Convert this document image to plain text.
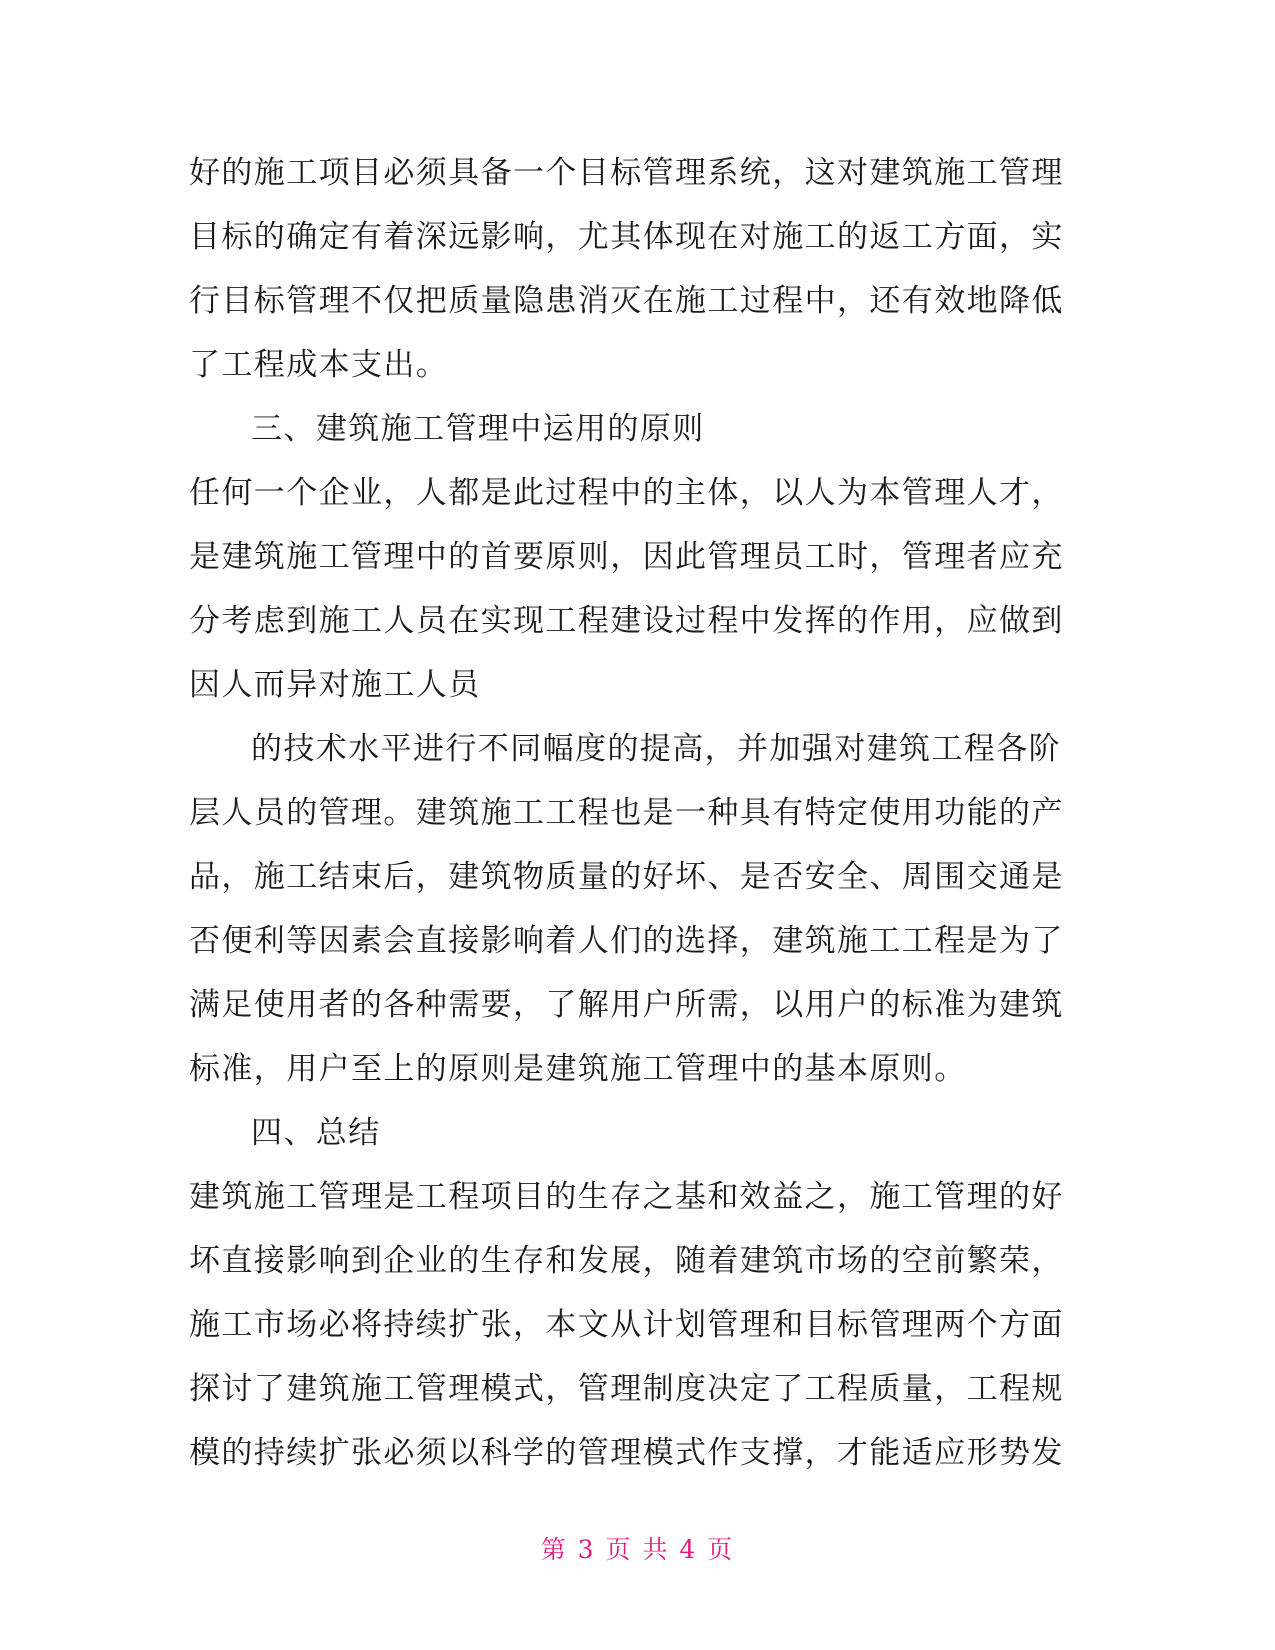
好的施工项目必须具备一个目标管理系统，这对建筑施工管理
目标的确定有着深远影响，尤其体现在对施工的返工方面，实
行目标管理不仅把质量隐患消灭在施工过程中，还有效地降低
了工程成本支出。
三、建筑施工管理中运用的原则
任何一个企业，人都是此过程中的主体，以人为本管理人才，
是建筑施工管理中的首要原则，因此管理员工时，管理者应充
分考虑到施工人员在实现工程建设过程中发挥的作用，应做到
因人而异对施工人员
的技术水平进行不同幅度的提高，并加强对建筑工程各阶
层人员的管理。建筑施工工程也是一种具有特定使用功能的产
品，施工结束后，建筑物质量的好坏、是否安全、周围交通是
否便利等因素会直接影响着人们的选择，建筑施工工程是为了
满足使用者的各种需要，了解用户所需，以用户的标准为建筑
标准，用户至上的原则是建筑施工管理中的基本原则。
四、总结
建筑施工管理是工程项目的生存之基和效益之，施工管理的好
坏直接影响到企业的生存和发展，随着建筑市场的空前繁荣，
施工市场必将持续扩张，本文从计划管理和目标管理两个方面
探讨了建筑施工管理模式，管理制度决定了工程质量，工程规
模的持续扩张必须以科学的管理模式作支撑，才能适应形势发
第 3 页 共 4 页
